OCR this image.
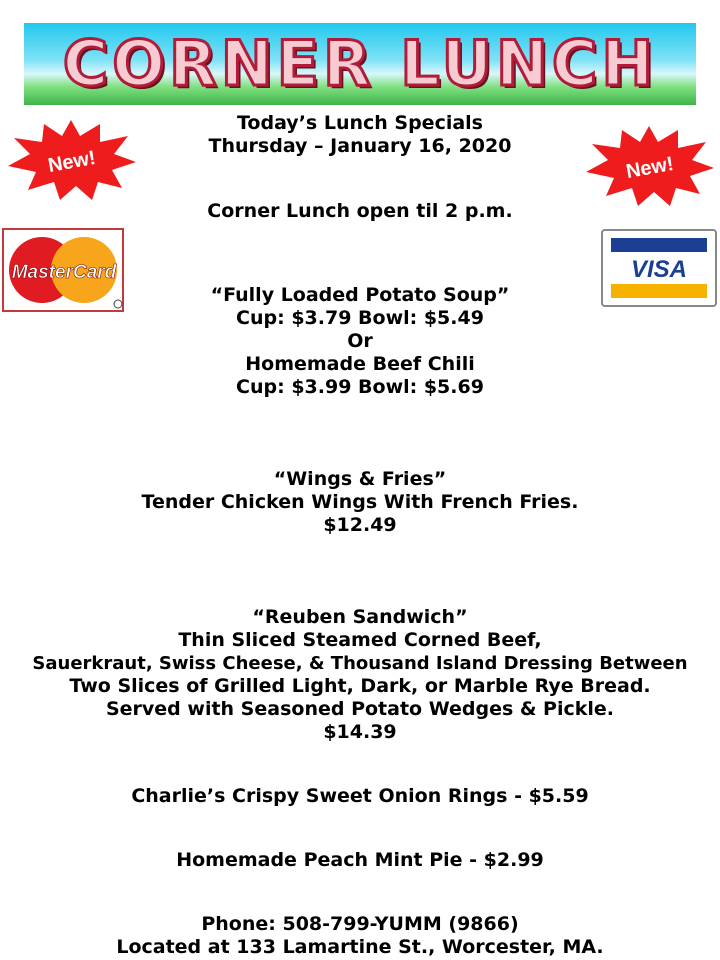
CORNER LUNCH
New!	New!
MasterCard	VISA
Today’s Lunch Specials
Thursday – January 16, 2020
Corner Lunch open til 2 p.m.
“Fully Loaded Potato Soup”
Cup: $3.79 Bowl: $5.49
Or
Homemade Beef Chili
Cup: $3.99 Bowl: $5.69
“Wings & Fries”
Tender Chicken Wings With French Fries.
$12.49
“Reuben Sandwich”
Thin Sliced Steamed Corned Beef,
Sauerkraut, Swiss Cheese, & Thousand Island Dressing Between
Two Slices of Grilled Light, Dark, or Marble Rye Bread.
Served with Seasoned Potato Wedges & Pickle.
$14.39
Charlie’s Crispy Sweet Onion Rings - $5.59
Homemade Peach Mint Pie - $2.99
Phone: 508-799-YUMM (9866)
Located at 133 Lamartine St., Worcester, MA.
